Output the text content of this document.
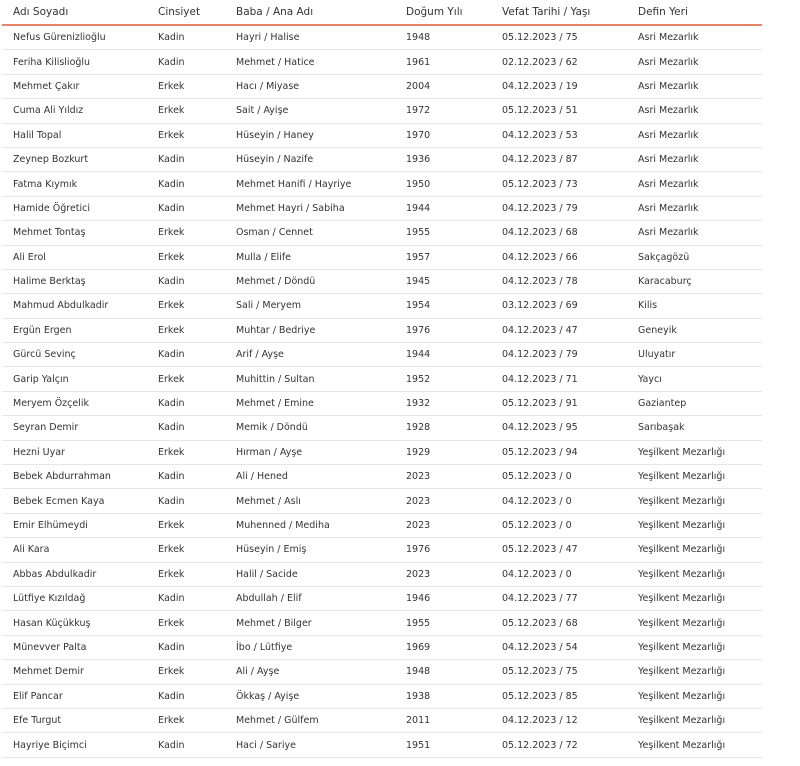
Adı Soyadı	Cinsiyet	Baba / Ana Adı	Doğum Yılı	Vefat Tarihi / Yaşı	Defin Yeri
Nefus Gürenizlioğlu	Kadin	Hayri / Halise	1948	05.12.2023 / 75	Asri Mezarlık
Feriha Kilislioğlu	Kadin	Mehmet / Hatice	1961	02.12.2023 / 62	Asri Mezarlık
Mehmet Çakır	Erkek	Hacı / Miyase	2004	04.12.2023 / 19	Asri Mezarlık
Cuma Ali Yıldız	Erkek	Sait / Ayişe	1972	05.12.2023 / 51	Asri Mezarlık
Halil Topal	Erkek	Hüseyin / Haney	1970	04.12.2023 / 53	Asri Mezarlık
Zeynep Bozkurt	Kadin	Hüseyin / Nazife	1936	04.12.2023 / 87	Asri Mezarlık
Fatma Kıymık	Kadin	Mehmet Hanifi / Hayriye	1950	05.12.2023 / 73	Asri Mezarlık
Hamide Öğretici	Kadin	Mehmet Hayri / Sabiha	1944	04.12.2023 / 79	Asri Mezarlık
Mehmet Tontaş	Erkek	Osman / Cennet	1955	04.12.2023 / 68	Asri Mezarlık
Ali Erol	Erkek	Mulla / Elife	1957	04.12.2023 / 66	Sakçagözü
Halime Berktaş	Kadin	Mehmet / Döndü	1945	04.12.2023 / 78	Karacaburç
Mahmud Abdulkadir	Erkek	Sali / Meryem	1954	03.12.2023 / 69	Kilis
Ergün Ergen	Erkek	Muhtar / Bedriye	1976	04.12.2023 / 47	Geneyik
Gürcü Sevinç	Kadin	Arif / Ayşe	1944	04.12.2023 / 79	Uluyatır
Garip Yalçın	Erkek	Muhittin / Sultan	1952	04.12.2023 / 71	Yaycı
Meryem Özçelik	Kadin	Mehmet / Emine	1932	05.12.2023 / 91	Gaziantep
Seyran Demir	Kadin	Memik / Döndü	1928	04.12.2023 / 95	Sarıbaşak
Hezni Uyar	Erkek	Hırman / Ayşe	1929	05.12.2023 / 94	Yeşilkent Mezarlığı
Bebek Abdurrahman	Kadin	Ali / Hened	2023	05.12.2023 / 0	Yeşilkent Mezarlığı
Bebek Ecmen Kaya	Kadin	Mehmet / Aslı	2023	04.12.2023 / 0	Yeşilkent Mezarlığı
Emir Elhümeydi	Erkek	Muhenned / Mediha	2023	05.12.2023 / 0	Yeşilkent Mezarlığı
Ali Kara	Erkek	Hüseyin / Emiş	1976	05.12.2023 / 47	Yeşilkent Mezarlığı
Abbas Abdulkadir	Erkek	Halil / Sacide	2023	04.12.2023 / 0	Yeşilkent Mezarlığı
Lütfiye Kızıldağ	Kadin	Abdullah / Elif	1946	04.12.2023 / 77	Yeşilkent Mezarlığı
Hasan Küçükkuş	Erkek	Mehmet / Bilger	1955	05.12.2023 / 68	Yeşilkent Mezarlığı
Münevver Palta	Kadin	İbo / Lütfiye	1969	04.12.2023 / 54	Yeşilkent Mezarlığı
Mehmet Demir	Erkek	Ali / Ayşe	1948	05.12.2023 / 75	Yeşilkent Mezarlığı
Elif Pancar	Kadin	Ökkaş / Ayişe	1938	05.12.2023 / 85	Yeşilkent Mezarlığı
Efe Turgut	Erkek	Mehmet / Gülfem	2011	04.12.2023 / 12	Yeşilkent Mezarlığı
Hayriye Biçimci	Kadin	Haci / Sariye	1951	05.12.2023 / 72	Yeşilkent Mezarlığı
